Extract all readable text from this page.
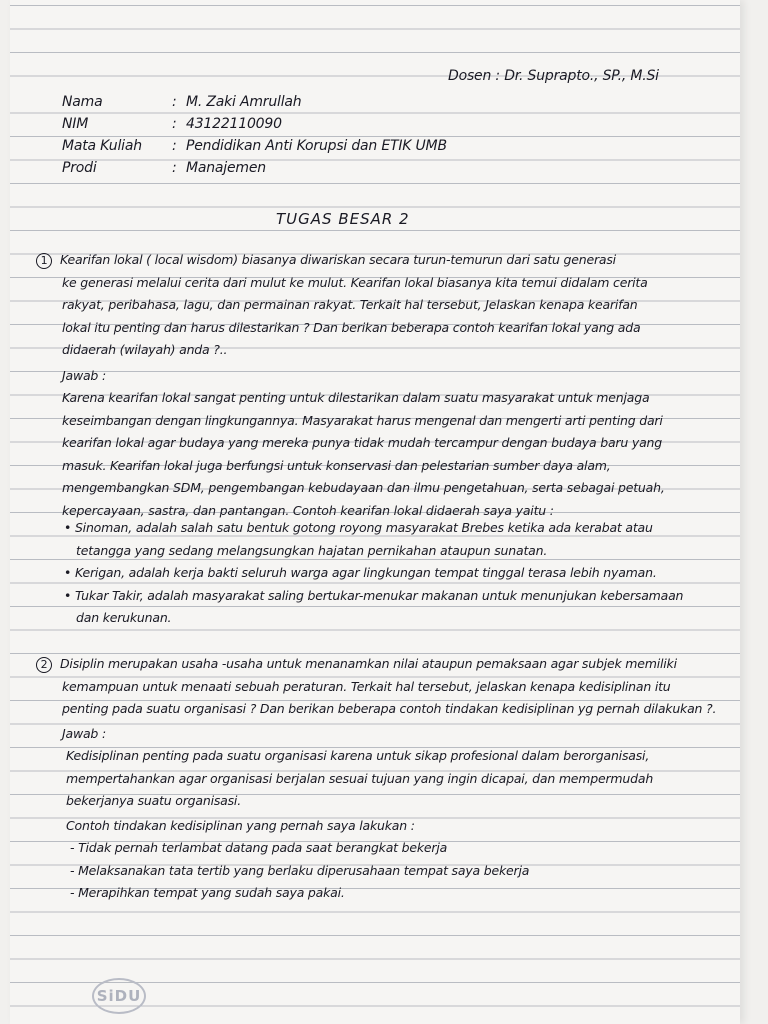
Dosen : Dr. Suprapto., SP., M.Si
Nama	: M. Zaki Amrullah
NIM	: 43122110090
Mata Kuliah : Pendidikan Anti Korupsi dan ETIK UMB
Prodi	: Manajemen
TUGAS BESAR 2
1	Kearifan lokal ( local wisdom) biasanya diwariskan secara turun-temurun dari satu generasi
ke generasi melalui cerita dari mulut ke mulut. Kearifan lokal biasanya kita temui didalam cerita
rakyat, peribahasa, lagu, dan permainan rakyat. Terkait hal tersebut, Jelaskan kenapa kearifan
lokal itu penting dan harus dilestarikan ? Dan berikan beberapa contoh kearifan lokal yang ada
didaerah (wilayah) anda ?..
Jawab :
Karena kearifan lokal sangat penting untuk dilestarikan dalam suatu masyarakat untuk menjaga
keseimbangan dengan lingkungannya. Masyarakat harus mengenal dan mengerti arti penting dari
kearifan lokal agar budaya yang mereka punya tidak mudah tercampur dengan budaya baru yang
masuk. Kearifan lokal juga berfungsi untuk konservasi dan pelestarian sumber daya alam,
mengembangkan SDM, pengembangan kebudayaan dan ilmu pengetahuan, serta sebagai petuah,
kepercayaan, sastra, dan pantangan. Contoh kearifan lokal didaerah saya yaitu :
• Sinoman, adalah salah satu bentuk gotong royong masyarakat Brebes ketika ada kerabat atau
tetangga yang sedang melangsungkan hajatan pernikahan ataupun sunatan.
• Kerigan, adalah kerja bakti seluruh warga agar lingkungan tempat tinggal terasa lebih nyaman.
• Tukar Takir, adalah masyarakat saling bertukar-menukar makanan untuk menunjukan kebersamaan
dan kerukunan.
2	Disiplin merupakan usaha -usaha untuk menanamkan nilai ataupun pemaksaan agar subjek memiliki
kemampuan untuk menaati sebuah peraturan. Terkait hal tersebut, jelaskan kenapa kedisiplinan itu
penting pada suatu organisasi ? Dan berikan beberapa contoh tindakan kedisiplinan yg pernah dilakukan ?.
Jawab :
Kedisiplinan penting pada suatu organisasi karena untuk sikap profesional dalam berorganisasi,
mempertahankan agar organisasi berjalan sesuai tujuan yang ingin dicapai, dan mempermudah
bekerjanya suatu organisasi.
Contoh tindakan kedisiplinan yang pernah saya lakukan :
- Tidak pernah terlambat datang pada saat berangkat bekerja
- Melaksanakan tata tertib yang berlaku diperusahaan tempat saya bekerja
- Merapihkan tempat yang sudah saya pakai.
SiDU
